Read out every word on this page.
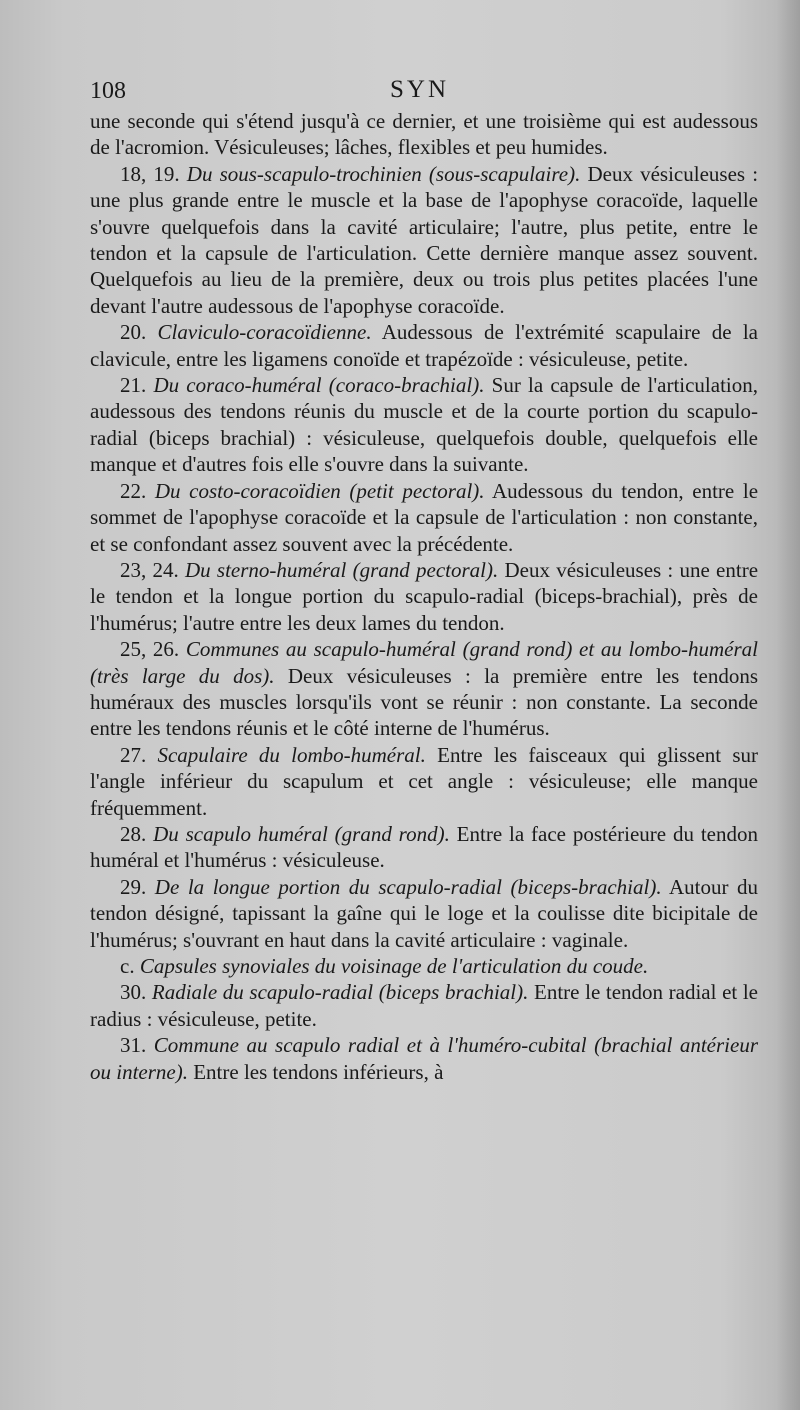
108	SYN

une seconde qui s'étend jusqu'à ce dernier, et une troisième qui est audessous de l'acromion. Vésiculeuses; lâches, flexibles et peu humides.

18, 19. Du sous-scapulo-trochinien (sous-scapulaire). Deux vésiculeuses : une plus grande entre le muscle et la base de l'apophyse coracoïde, laquelle s'ouvre quelquefois dans la cavité articulaire; l'autre, plus petite, entre le tendon et la capsule de l'articulation. Cette dernière manque assez souvent. Quelquefois au lieu de la première, deux ou trois plus petites placées l'une devant l'autre audessous de l'apophyse coracoïde.

20. Claviculo-coracoïdienne. Audessous de l'extrémité scapulaire de la clavicule, entre les ligamens conoïde et trapézoïde : vésiculeuse, petite.

21. Du coraco-huméral (coraco-brachial). Sur la capsule de l'articulation, audessous des tendons réunis du muscle et de la courte portion du scapulo-radial (biceps brachial) : vésiculeuse, quelquefois double, quelquefois elle manque et d'autres fois elle s'ouvre dans la suivante.

22. Du costo-coracoïdien (petit pectoral). Audessous du tendon, entre le sommet de l'apophyse coracoïde et la capsule de l'articulation : non constante, et se confondant assez souvent avec la précédente.

23, 24. Du sterno-huméral (grand pectoral). Deux vésiculeuses : une entre le tendon et la longue portion du scapulo-radial (biceps-brachial), près de l'humérus; l'autre entre les deux lames du tendon.

25, 26. Communes au scapulo-huméral (grand rond) et au lombo-huméral (très large du dos). Deux vésiculeuses : la première entre les tendons huméraux des muscles lorsqu'ils vont se réunir : non constante. La seconde entre les tendons réunis et le côté interne de l'humérus.

27. Scapulaire du lombo-huméral. Entre les faisceaux qui glissent sur l'angle inférieur du scapulum et cet angle : vésiculeuse; elle manque fréquemment.

28. Du scapulo huméral (grand rond). Entre la face postérieure du tendon huméral et l'humérus : vésiculeuse.

29. De la longue portion du scapulo-radial (biceps-brachial). Autour du tendon désigné, tapissant la gaîne qui le loge et la coulisse dite bicipitale de l'humérus; s'ouvrant en haut dans la cavité articulaire : vaginale.

c. Capsules synoviales du voisinage de l'articulation du coude.

30. Radiale du scapulo-radial (biceps brachial). Entre le tendon radial et le radius : vésiculeuse, petite.

31. Commune au scapulo radial et à l'huméro-cubital (brachial antérieur ou interne). Entre les tendons inférieurs, à
